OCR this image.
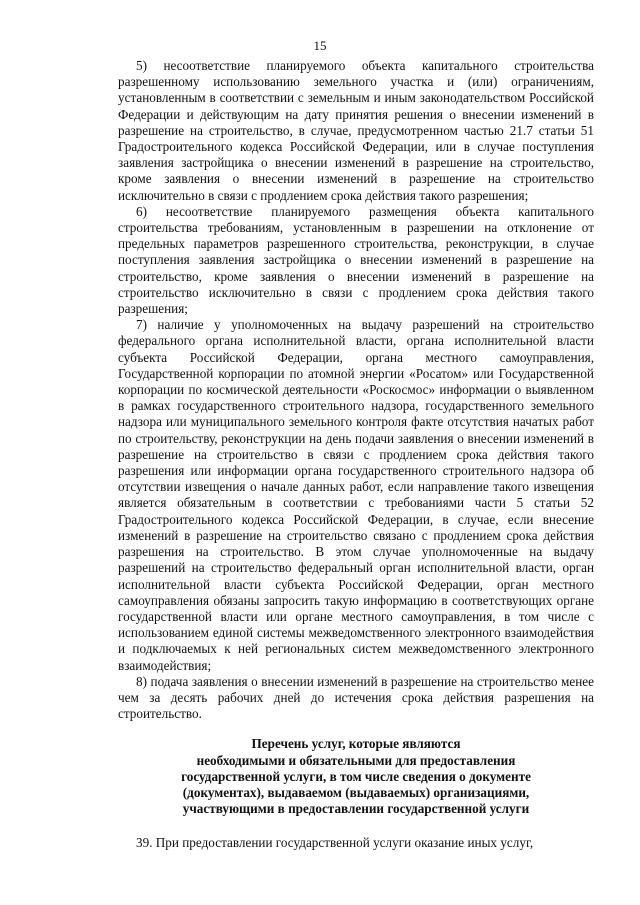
15

5) несоответствие планируемого объекта капитального строительства разрешенному использованию земельного участка и (или) ограничениям, установленным в соответствии с земельным и иным законодательством Российской Федерации и действующим на дату принятия решения о внесении изменений в разрешение на строительство, в случае, предусмотренном частью 21.7 статьи 51 Градостроительного кодекса Российской Федерации, или в случае поступления заявления застройщика о внесении изменений в разрешение на строительство, кроме заявления о внесении изменений в разрешение на строительство исключительно в связи с продлением срока действия такого разрешения;

6) несоответствие планируемого размещения объекта капитального строительства требованиям, установленным в разрешении на отклонение от предельных параметров разрешенного строительства, реконструкции, в случае поступления заявления застройщика о внесении изменений в разрешение на строительство, кроме заявления о внесении изменений в разрешение на строительство исключительно в связи с продлением срока действия такого разрешения;

7) наличие у уполномоченных на выдачу разрешений на строительство федерального органа исполнительной власти, органа исполнительной власти субъекта Российской Федерации, органа местного самоуправления, Государственной корпорации по атомной энергии «Росатом» или Государственной корпорации по космической деятельности «Роскосмос» информации о выявленном в рамках государственного строительного надзора, государственного земельного надзора или муниципального земельного контроля факте отсутствия начатых работ по строительству, реконструкции на день подачи заявления о внесении изменений в разрешение на строительство в связи с продлением срока действия такого разрешения или информации органа государственного строительного надзора об отсутствии извещения о начале данных работ, если направление такого извещения является обязательным в соответствии с требованиями части 5 статьи 52 Градостроительного кодекса Российской Федерации, в случае, если внесение изменений в разрешение на строительство связано с продлением срока действия разрешения на строительство. В этом случае уполномоченные на выдачу разрешений на строительство федеральный орган исполнительной власти, орган исполнительной власти субъекта Российской Федерации, орган местного самоуправления обязаны запросить такую информацию в соответствующих органе государственной власти или органе местного самоуправления, в том числе с использованием единой системы межведомственного электронного взаимодействия и подключаемых к ней региональных систем межведомственного электронного взаимодействия;

8) подача заявления о внесении изменений в разрешение на строительство менее чем за десять рабочих дней до истечения срока действия разрешения на строительство.

Перечень услуг, которые являются
необходимыми и обязательными для предоставления
государственной услуги, в том числе сведения о документе
(документах), выдаваемом (выдаваемых) организациями,
участвующими в предоставлении государственной услуги

39. При предоставлении государственной услуги оказание иных услуг,
